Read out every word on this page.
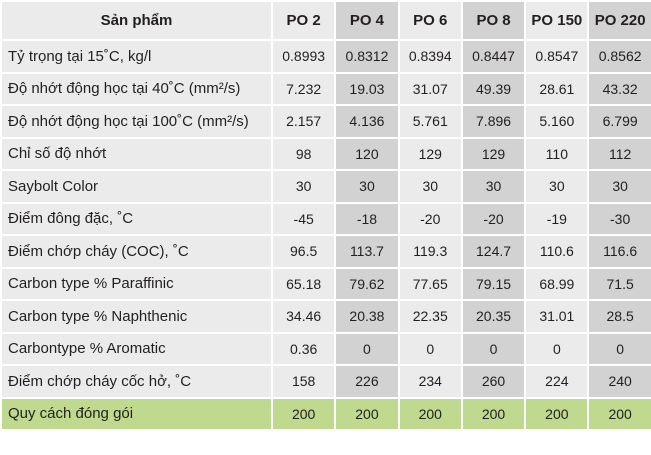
Sản phẩm	PO 2	PO 4	PO 6	PO 8	PO 150	PO 220
Tỷ trọng tại 15˚C, kg/l	0.8993	0.8312	0.8394	0.8447	0.8547	0.8562
Độ nhớt động học tại 40˚C (mm²/s)	7.232	19.03	31.07	49.39	28.61	43.32
Độ nhớt động học tại 100˚C (mm²/s)	2.157	4.136	5.761	7.896	5.160	6.799
Chỉ số độ nhớt	98	120	129	129	110	112
Saybolt Color	30	30	30	30	30	30
Điểm đông đặc, ˚C	-45	-18	-20	-20	-19	-30
Điểm chớp cháy (COC), ˚C	96.5	113.7	119.3	124.7	110.6	116.6
Carbon type % Paraffinic	65.18	79.62	77.65	79.15	68.99	71.5
Carbon type % Naphthenic	34.46	20.38	22.35	20.35	31.01	28.5
Carbontype % Aromatic	0.36	0	0	0	0	0
Điểm chớp cháy cốc hở, ˚C	158	226	234	260	224	240
Quy cách đóng gói	200	200	200	200	200	200
